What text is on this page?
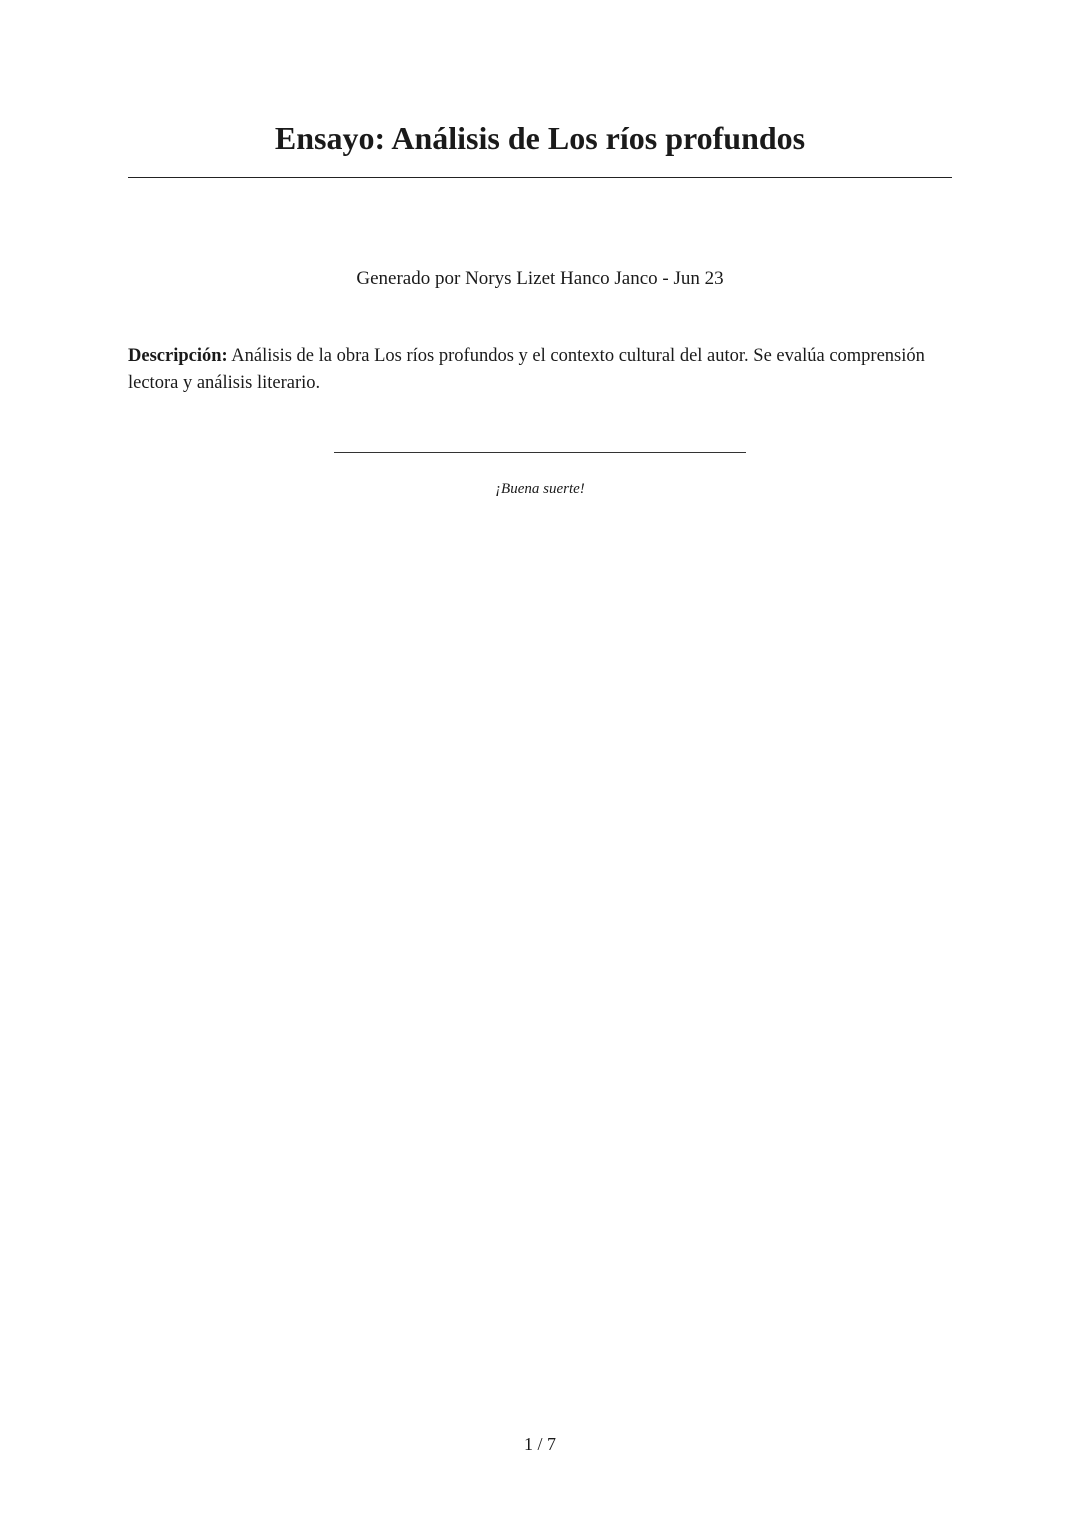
Ensayo: Análisis de Los ríos profundos
Generado por Norys Lizet Hanco Janco - Jun 23

Descripción: Análisis de la obra Los ríos profundos y el contexto cultural del autor. Se evalúa comprensión lectora y análisis literario.

¡Buena suerte!
1 / 7
